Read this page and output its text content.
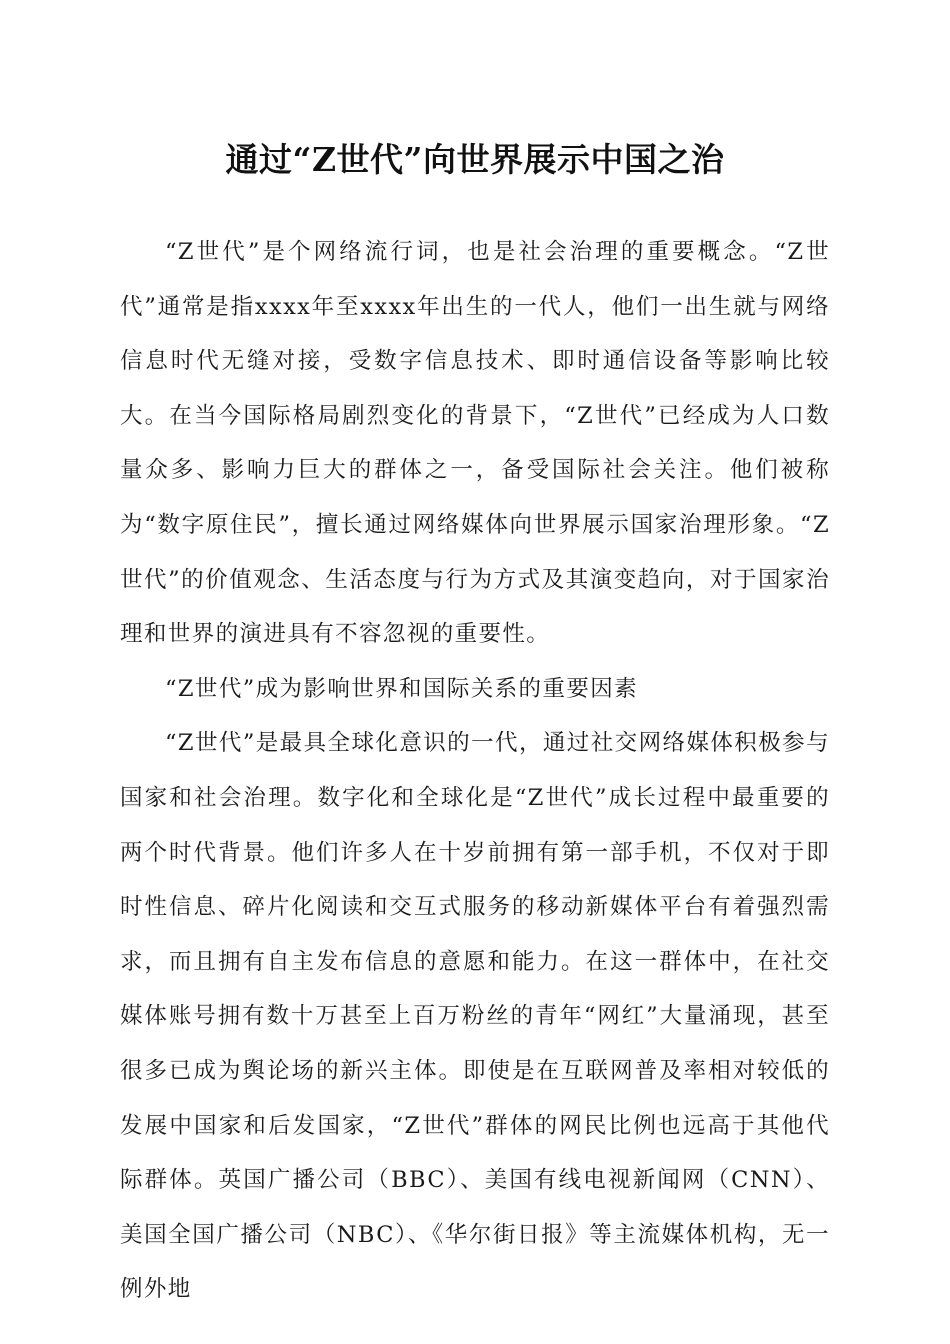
通过“Z世代”向世界展示中国之治

“Z世代”是个网络流行词，也是社会治理的重要概念。“Z世代”通常是指xxxx年至xxxx年出生的一代人，他们一出生就与网络信息时代无缝对接，受数字信息技术、即时通信设备等影响比较大。在当今国际格局剧烈变化的背景下，“Z世代”已经成为人口数量众多、影响力巨大的群体之一，备受国际社会关注。他们被称为“数字原住民”，擅长通过网络媒体向世界展示国家治理形象。“Z世代”的价值观念、生活态度与行为方式及其演变趋向，对于国家治理和世界的演进具有不容忽视的重要性。

“Z世代”成为影响世界和国际关系的重要因素

“Z世代”是最具全球化意识的一代，通过社交网络媒体积极参与国家和社会治理。数字化和全球化是“Z世代”成长过程中最重要的两个时代背景。他们许多人在十岁前拥有第一部手机，不仅对于即时性信息、碎片化阅读和交互式服务的移动新媒体平台有着强烈需求，而且拥有自主发布信息的意愿和能力。在这一群体中，在社交媒体账号拥有数十万甚至上百万粉丝的青年“网红”大量涌现，甚至很多已成为舆论场的新兴主体。即使是在互联网普及率相对较低的发展中国家和后发国家，“Z世代”群体的网民比例也远高于其他代际群体。英国广播公司（BBC）、美国有线电视新闻网（CNN）、美国全国广播公司（NBC）、《华尔街日报》等主流媒体机构，无一例外地
